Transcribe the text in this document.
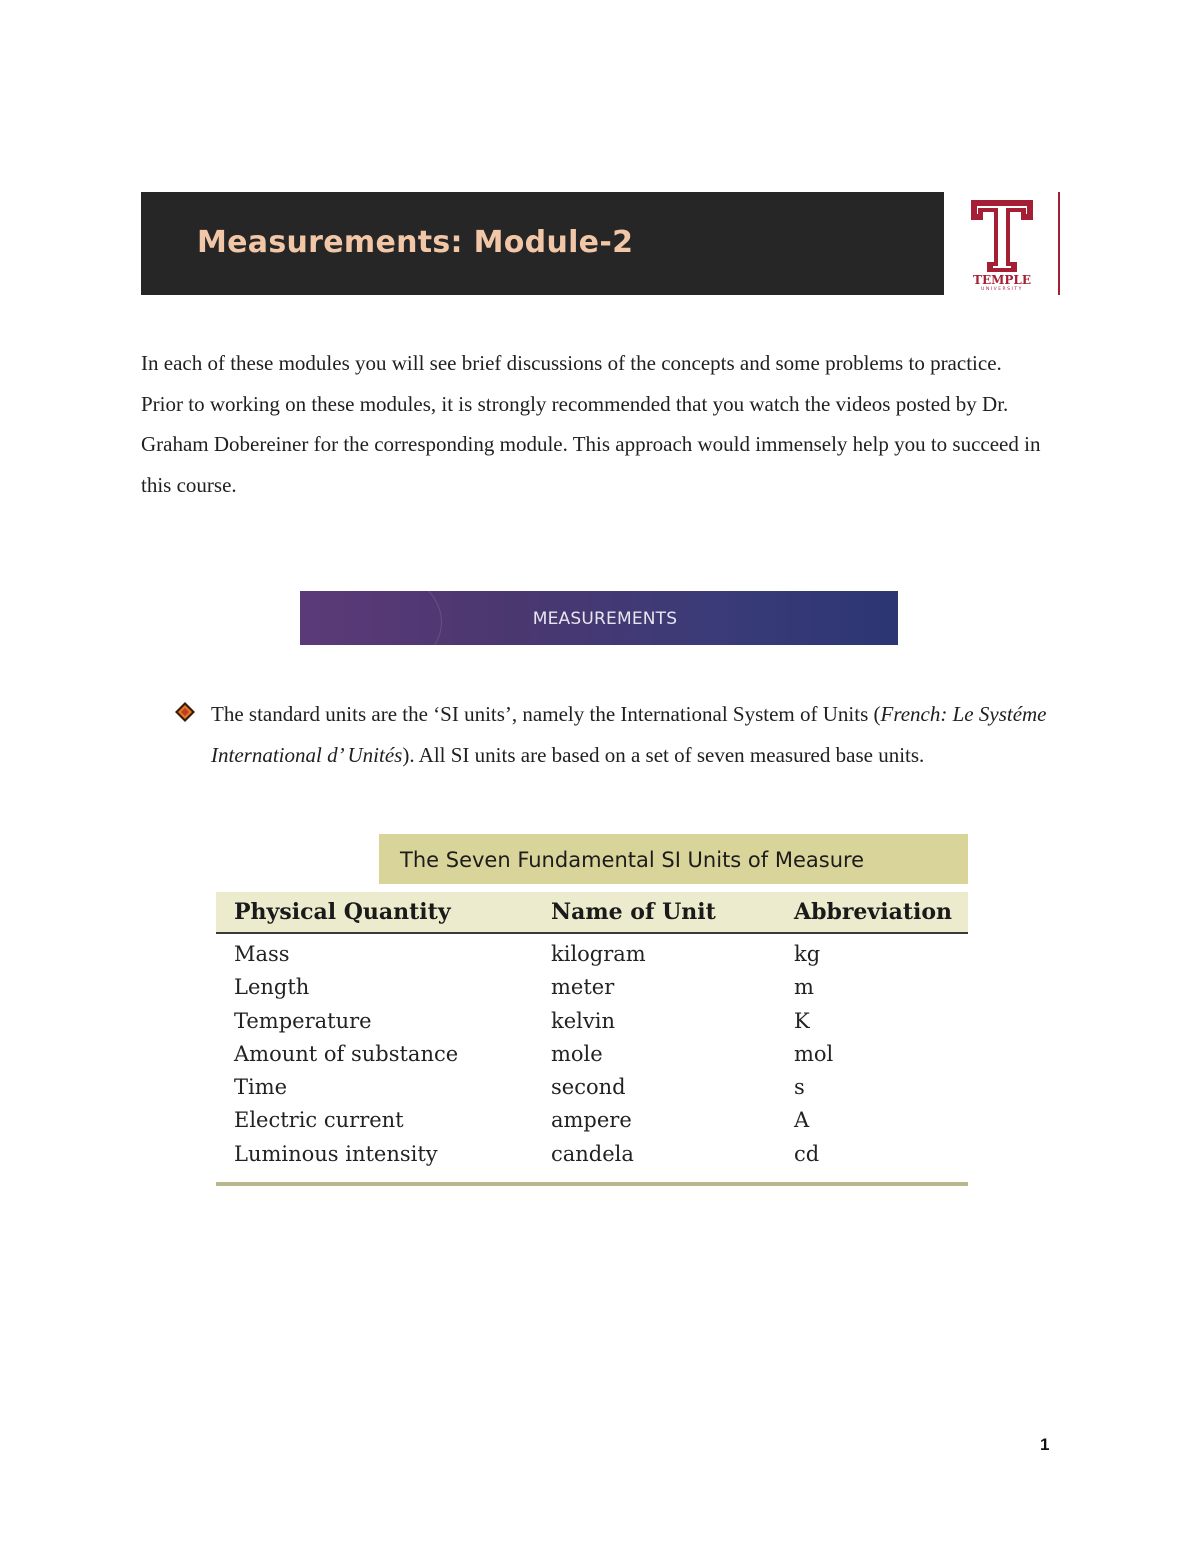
Measurements: Module-2
TEMPLE
UNIVERSITY

In each of these modules you will see brief discussions of the concepts and some problems to practice. Prior to working on these modules, it is strongly recommended that you watch the videos posted by Dr. Graham Dobereiner for the corresponding module. This approach would immensely help you to succeed in this course.

MEASUREMENTS

The standard units are the ‘SI units’, namely the International System of Units (French: Le Systéme International d’ Unités). All SI units are based on a set of seven measured base units.

The Seven Fundamental SI Units of Measure
Physical Quantity	Name of Unit	Abbreviation
Mass	kilogram	kg
Length	meter	m
Temperature	kelvin	K
Amount of substance	mole	mol
Time	second	s
Electric current	ampere	A
Luminous intensity	candela	cd
1
